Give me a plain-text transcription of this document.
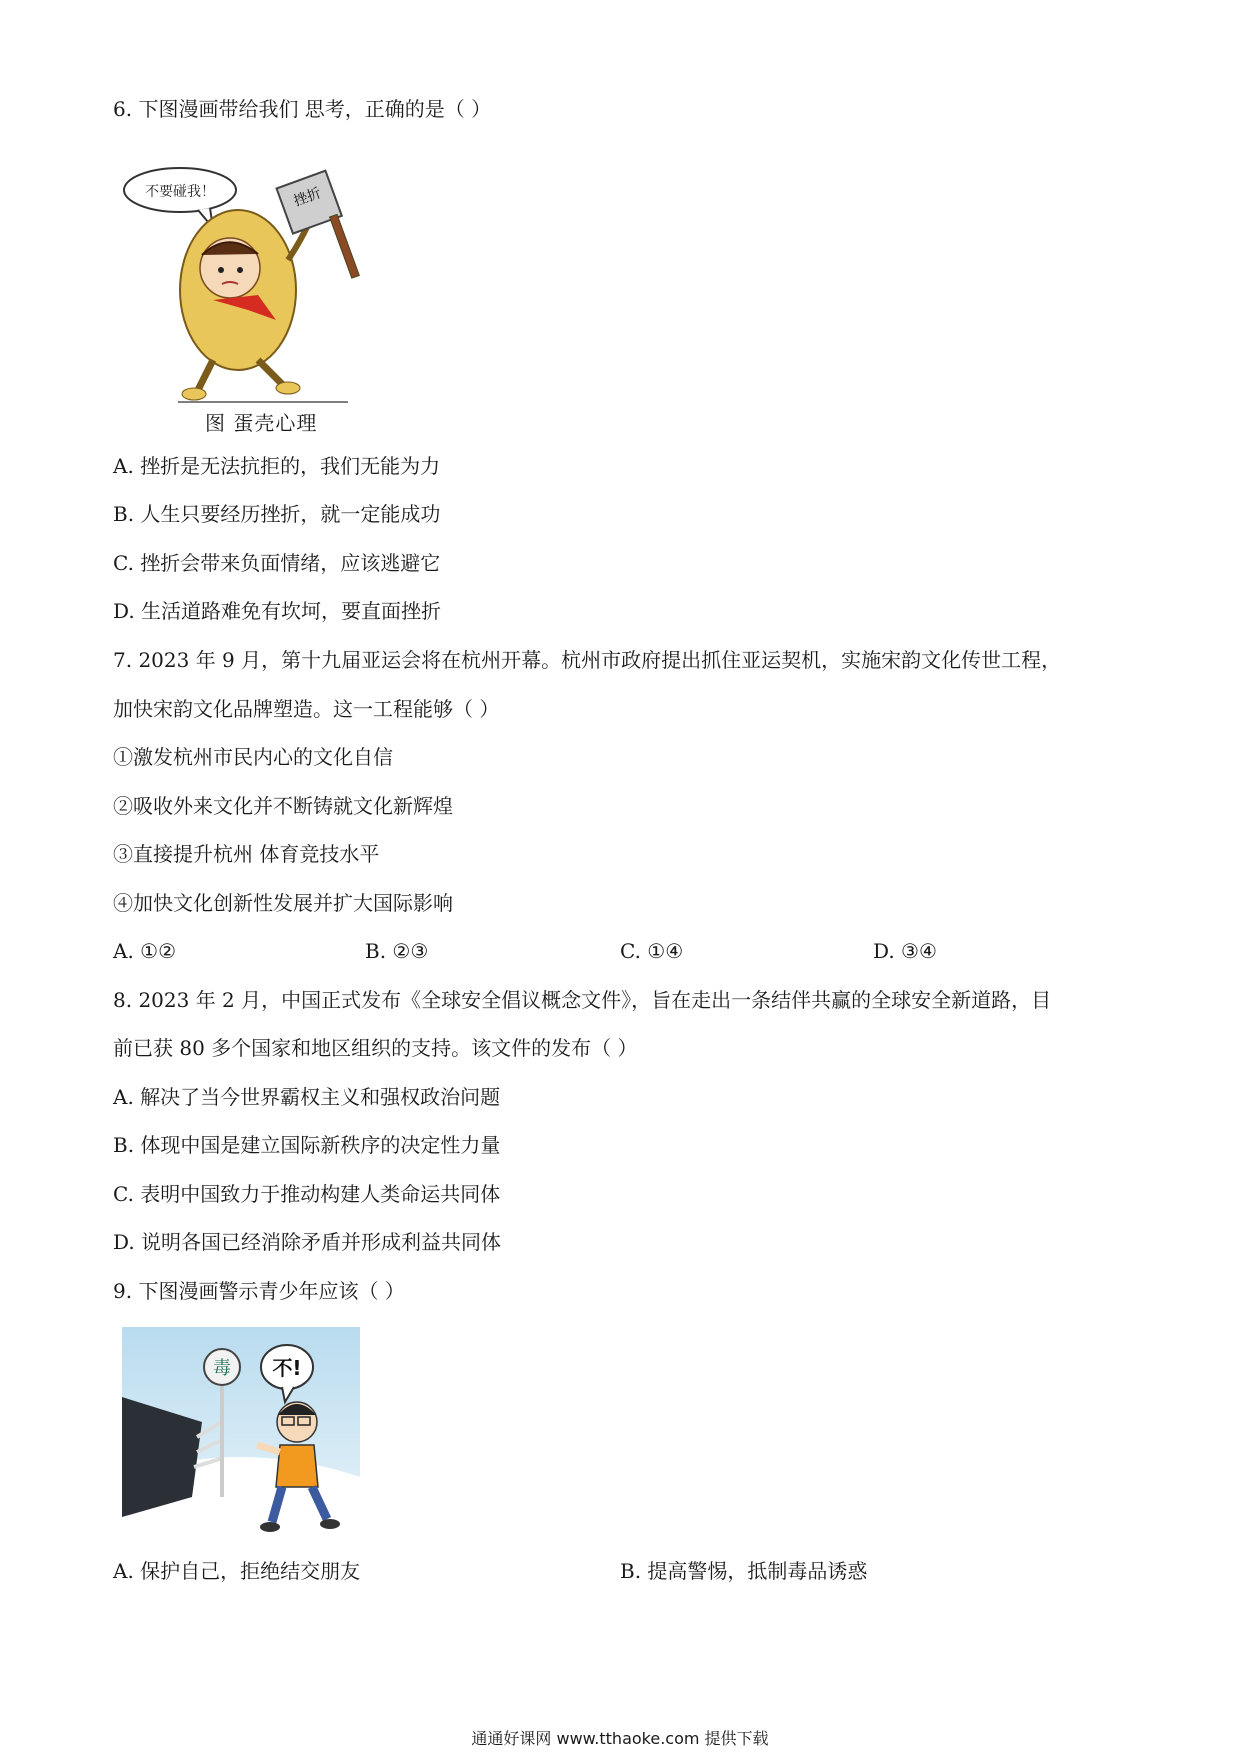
6. 下图漫画带给我们 思考，正确的是（ ）
不要碰我！	挫折
图 蛋壳心理
A. 挫折是无法抗拒的，我们无能为力
B. 人生只要经历挫折，就一定能成功
C. 挫折会带来负面情绪，应该逃避它
D. 生活道路难免有坎坷，要直面挫折
7. 2023 年 9 月，第十九届亚运会将在杭州开幕。杭州市政府提出抓住亚运契机，实施宋韵文化传世工程，
加快宋韵文化品牌塑造。这一工程能够（ ）
①激发杭州市民内心的文化自信
②吸收外来文化并不断铸就文化新辉煌
③直接提升杭州 体育竞技水平
④加快文化创新性发展并扩大国际影响
A. ①②	B. ②③	C. ①④	D. ③④
8. 2023 年 2 月，中国正式发布《全球安全倡议概念文件》，旨在走出一条结伴共赢的全球安全新道路，目
前已获 80 多个国家和地区组织的支持。该文件的发布（ ）
A. 解决了当今世界霸权主义和强权政治问题
B. 体现中国是建立国际新秩序的决定性力量
C. 表明中国致力于推动构建人类命运共同体
D. 说明各国已经消除矛盾并形成利益共同体
9. 下图漫画警示青少年应该（ ）
毒 不!
A. 保护自己，拒绝结交朋友	B. 提高警惕，抵制毒品诱惑
通通好课网 www.tthaoke.com 提供下载
